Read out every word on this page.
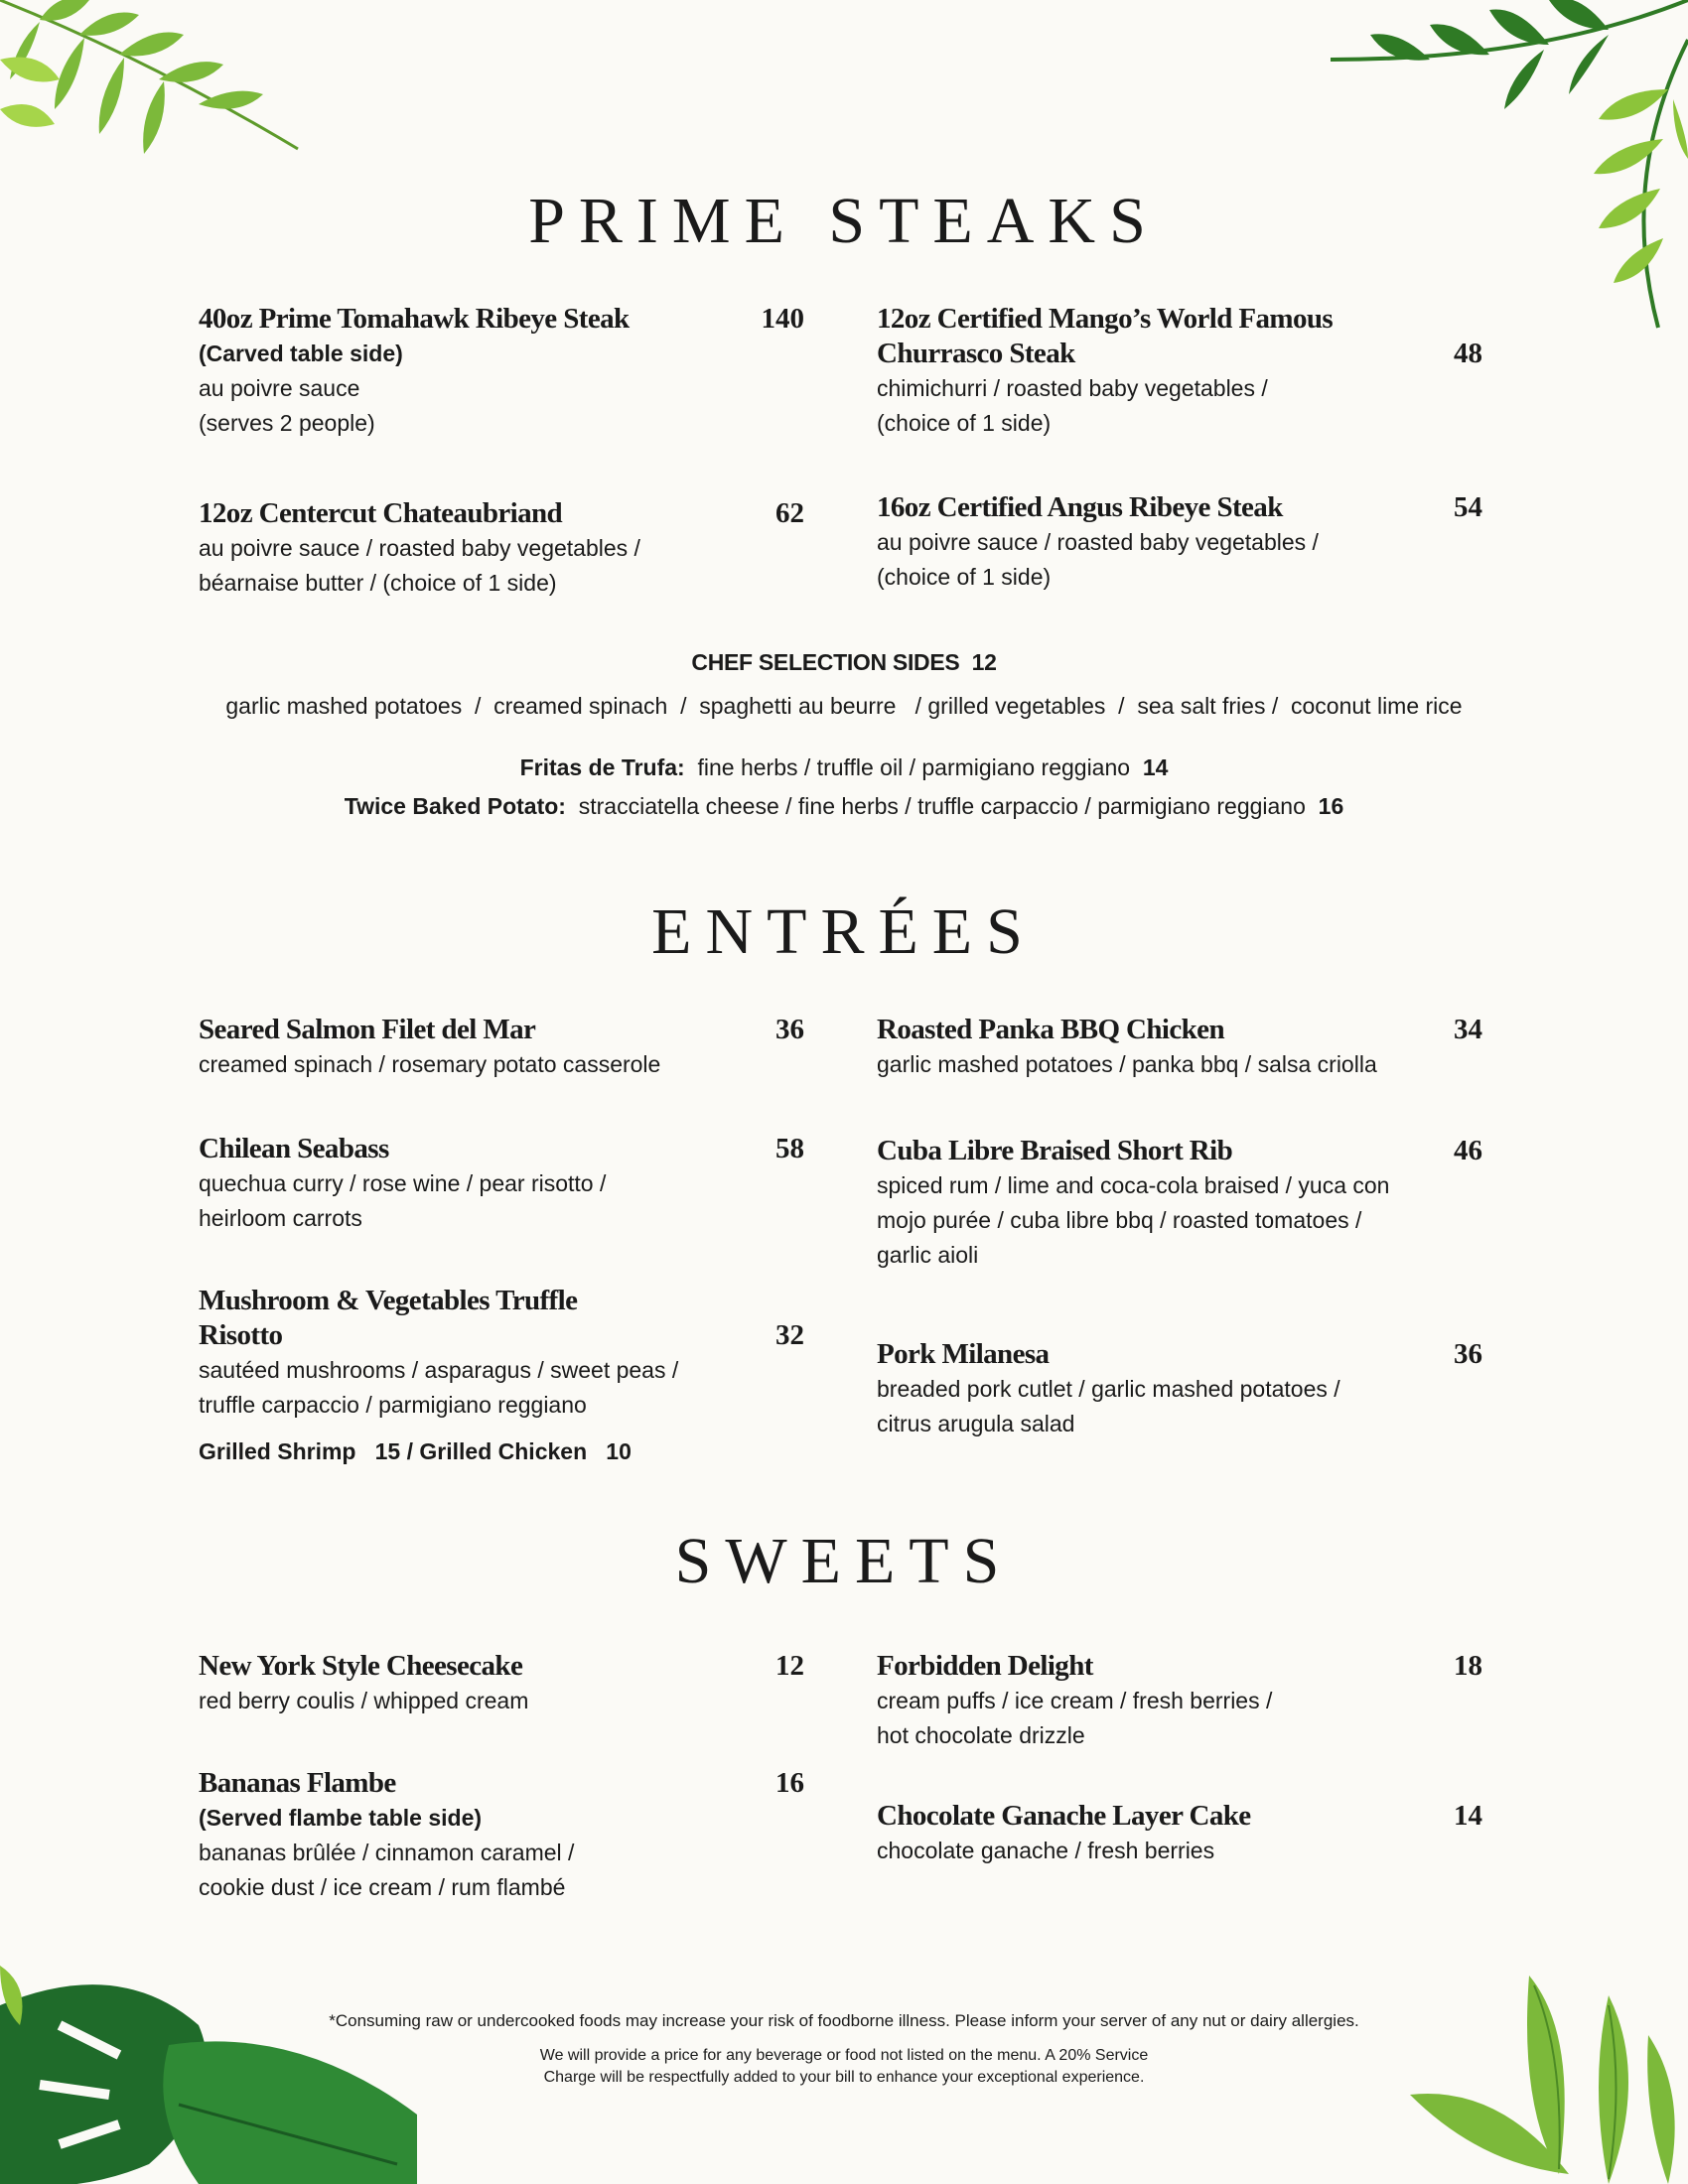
PRIME STEAKS
40oz Prime Tomahawk Ribeye Steak	140
(Carved table side)
au poivre sauce
(serves 2 people)
12oz Certified Mango’s World Famous Churrasco Steak	48
chimichurri / roasted baby vegetables /
(choice of 1 side)
12oz Centercut Chateaubriand	62
au poivre sauce / roasted baby vegetables /
béarnaise butter / (choice of 1 side)
16oz Certified Angus Ribeye Steak	54
au poivre sauce / roasted baby vegetables /
(choice of 1 side)
CHEF SELECTION SIDES 12
garlic mashed potatoes  /  creamed spinach  /  spaghetti au beurre   / grilled vegetables  /  sea salt fries /  coconut lime rice
Fritas de Trufa: fine herbs / truffle oil / parmigiano reggiano 14
Twice Baked Potato: stracciatella cheese / fine herbs / truffle carpaccio / parmigiano reggiano 16
ENTRÉES
Seared Salmon Filet del Mar	36
creamed spinach / rosemary potato casserole
Roasted Panka BBQ Chicken	34
garlic mashed potatoes / panka bbq / salsa criolla
Chilean Seabass	58
quechua curry / rose wine / pear risotto /
heirloom carrots
Cuba Libre Braised Short Rib	46
spiced rum / lime and coca-cola braised / yuca con
mojo purée / cuba libre bbq / roasted tomatoes /
garlic aioli
Mushroom & Vegetables Truffle Risotto	32
sautéed mushrooms / asparagus / sweet peas /
truffle carpaccio / parmigiano reggiano
Grilled Shrimp   15 / Grilled Chicken   10
Pork Milanesa	36
breaded pork cutlet / garlic mashed potatoes /
citrus arugula salad
SWEETS
New York Style Cheesecake	12
red berry coulis / whipped cream
Forbidden Delight	18
cream puffs / ice cream / fresh berries /
hot chocolate drizzle
Bananas Flambe	16
(Served flambe table side)
bananas brûlée / cinnamon caramel /
cookie dust / ice cream / rum flambé
Chocolate Ganache Layer Cake	14
chocolate ganache / fresh berries
*Consuming raw or undercooked foods may increase your risk of foodborne illness. Please inform your server of any nut or dairy allergies.
We will provide a price for any beverage or food not listed on the menu. A 20% Service
Charge will be respectfully added to your bill to enhance your exceptional experience.
